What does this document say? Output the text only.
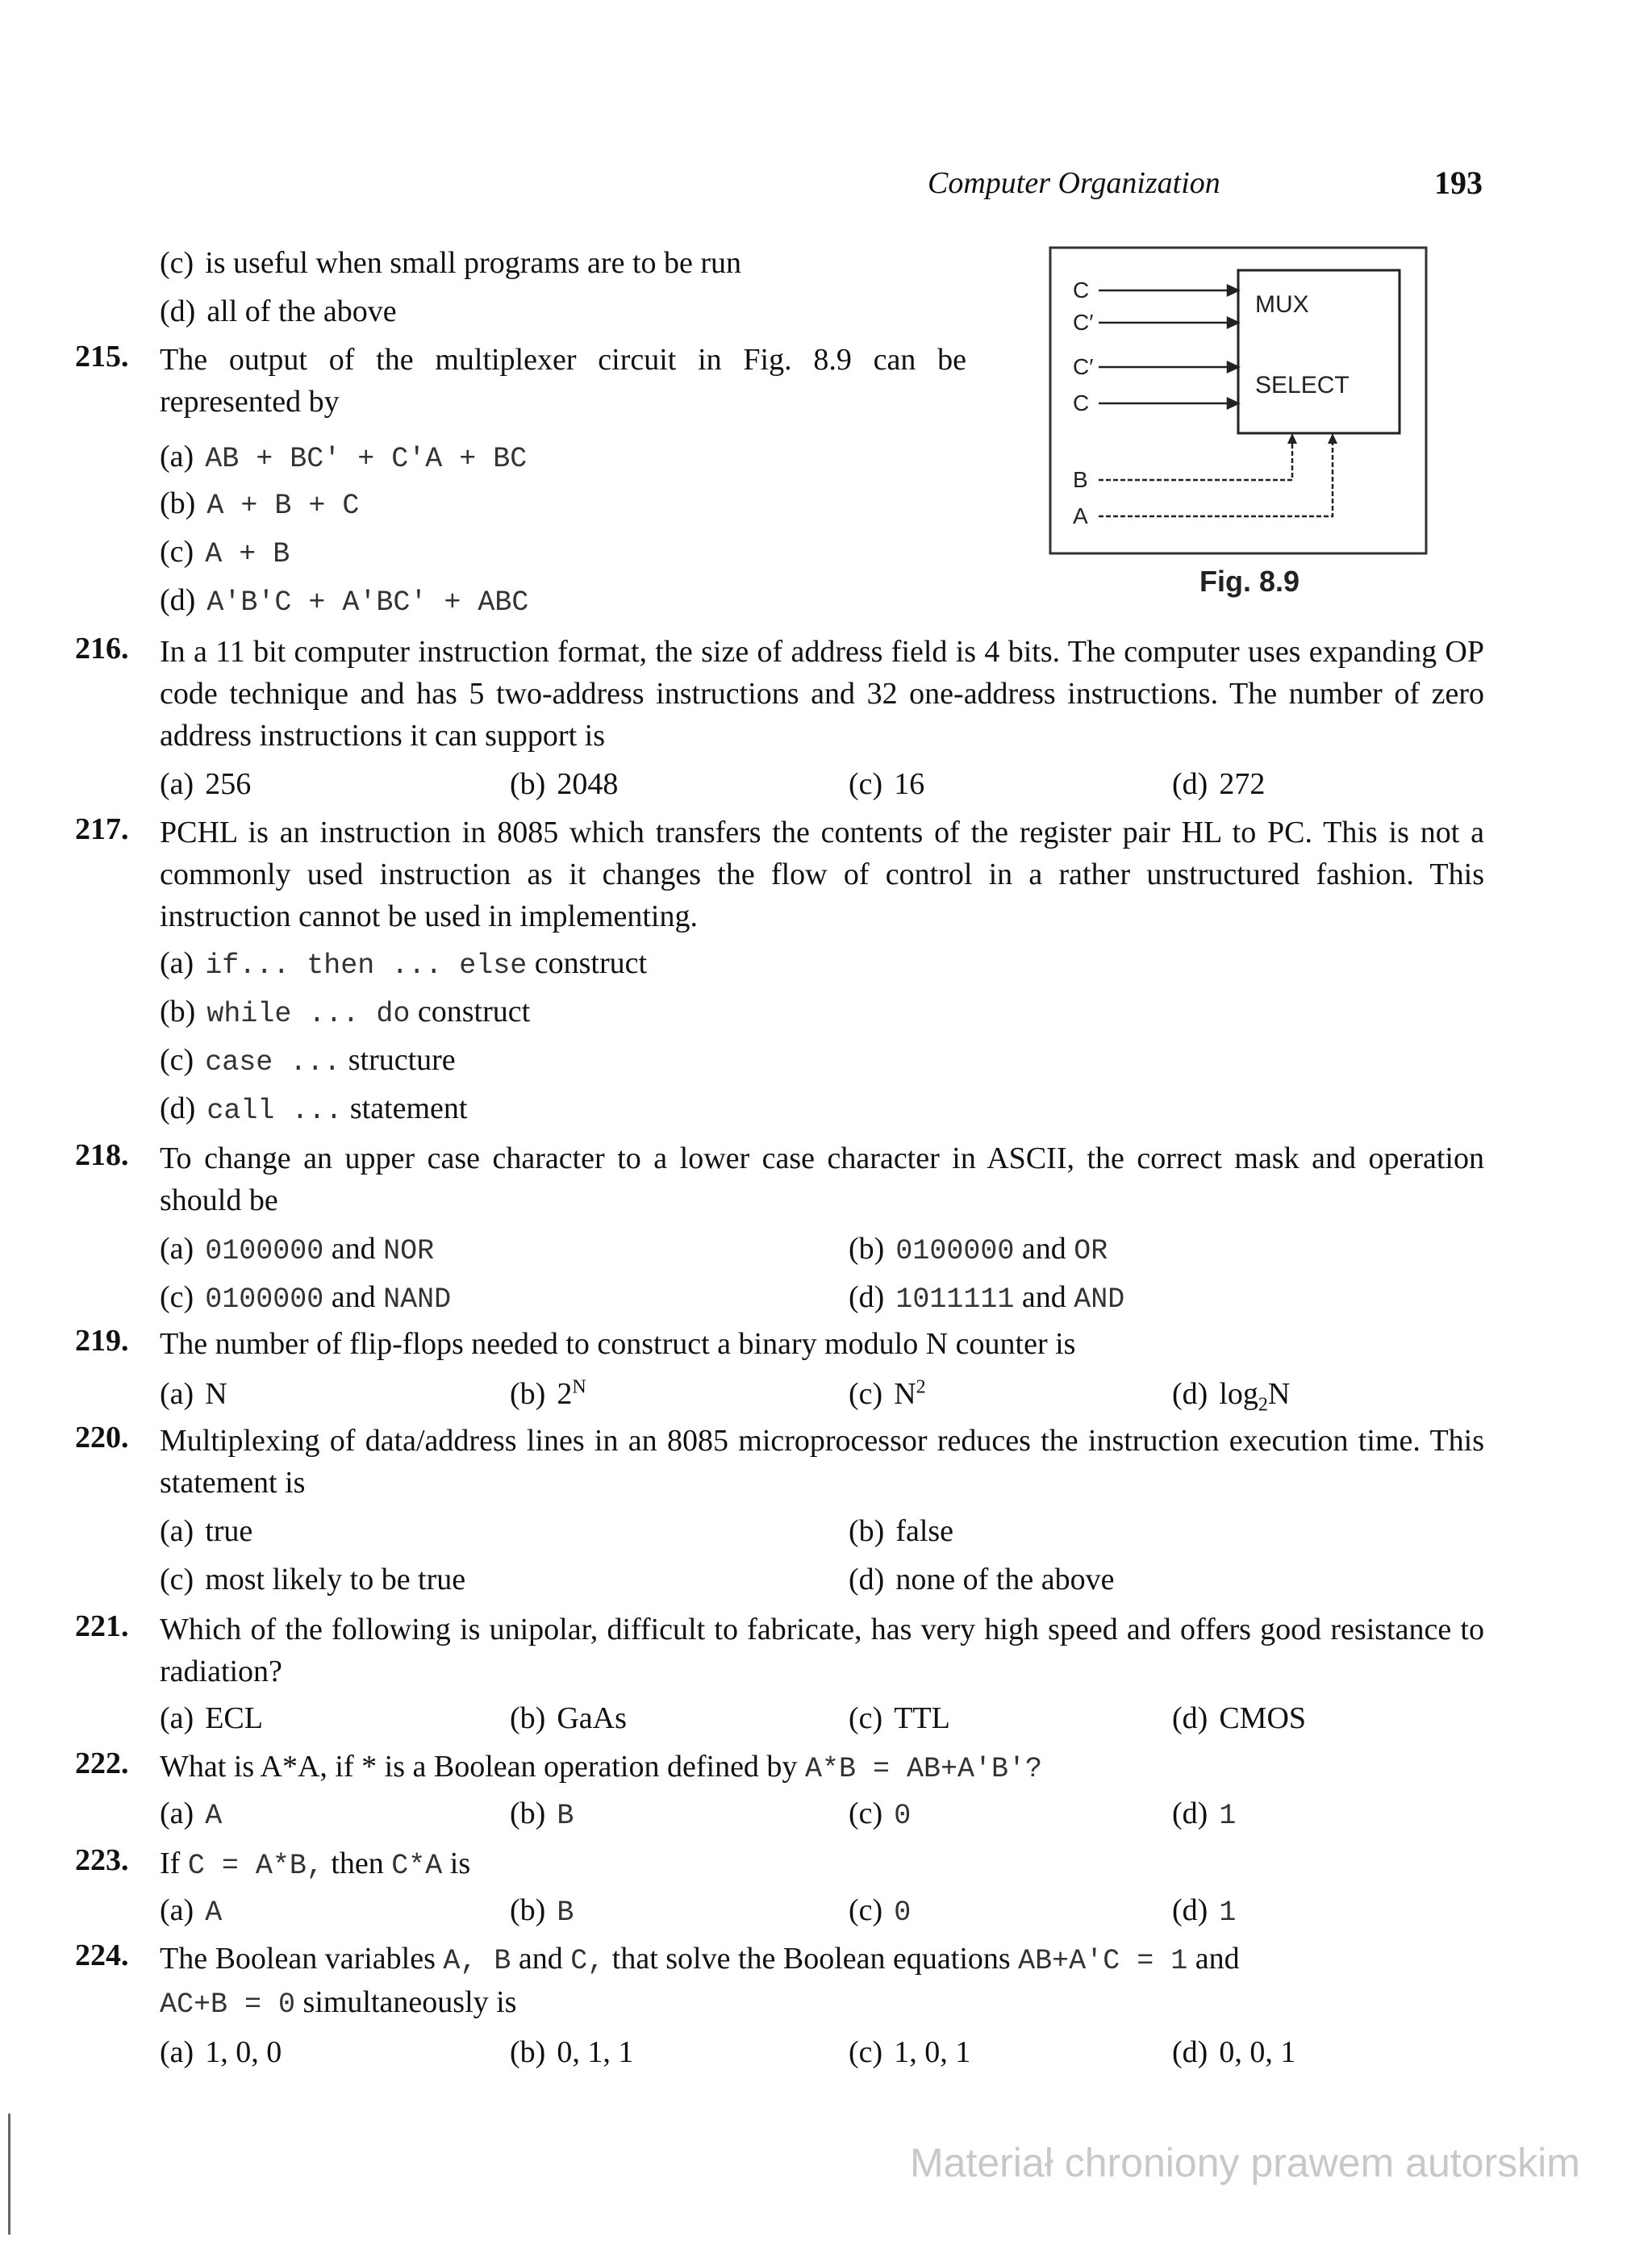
Computer Organization	193
(c) is useful when small programs are to be run
(d) all of the above	MUX
SELECT
C
C′
C′
C
B
A
Fig. 8.9
215. The output of the multiplexer circuit in Fig. 8.9 can be represented by
(a) AB + BC′ + C′A + BC
(b) A + B + C
(c) A + B
(d) A′B′C + A′BC′ + ABC
216. In a 11 bit computer instruction format, the size of address field is 4 bits. The computer uses expanding OP code technique and has 5 two-address instructions and 32 one-address instructions. The number of zero address instructions it can support is
(a) 256	(b) 2048	(c) 16	(d) 272
217. PCHL is an instruction in 8085 which transfers the contents of the register pair HL to PC. This is not a commonly used instruction as it changes the flow of control in a rather unstructured fashion. This instruction cannot be used in implementing.
(a) if... then ... else construct
(b) while ... do construct
(c) case ... structure
(d) call ... statement
218. To change an upper case character to a lower case character in ASCII, the correct mask and operation should be
(a) 0100000 and NOR	(b) 0100000 and OR
(c) 0100000 and NAND	(d) 1011111 and AND
219. The number of flip-flops needed to construct a binary modulo N counter is
(a) N	(b) $2^N$	(c) $N^2$	(d) $\log_2N$
220. Multiplexing of data/address lines in an 8085 microprocessor reduces the instruction execution time. This statement is
(a) true	(b) false
(c) most likely to be true	(d) none of the above
221. Which of the following is unipolar, difficult to fabricate, has very high speed and offers good resistance to radiation?
(a) ECL	(b) GaAs	(c) TTL	(d) CMOS
222. What is A*A, if * is a Boolean operation defined by A*B = AB+A′B′?
(a) A	(b) B	(c) 0	(d) 1
223. If C = A*B, then C*A is
(a) A	(b) B	(c) 0	(d) 1
224. The Boolean variables A, B and C, that solve the Boolean equations AB+A′C = 1 and
AC+B = 0 simultaneously is
(a) 1, 0, 0	(b) 0, 1, 1	(c) 1, 0, 1	(d) 0, 0, 1
Materiał chroniony prawem autorskim
